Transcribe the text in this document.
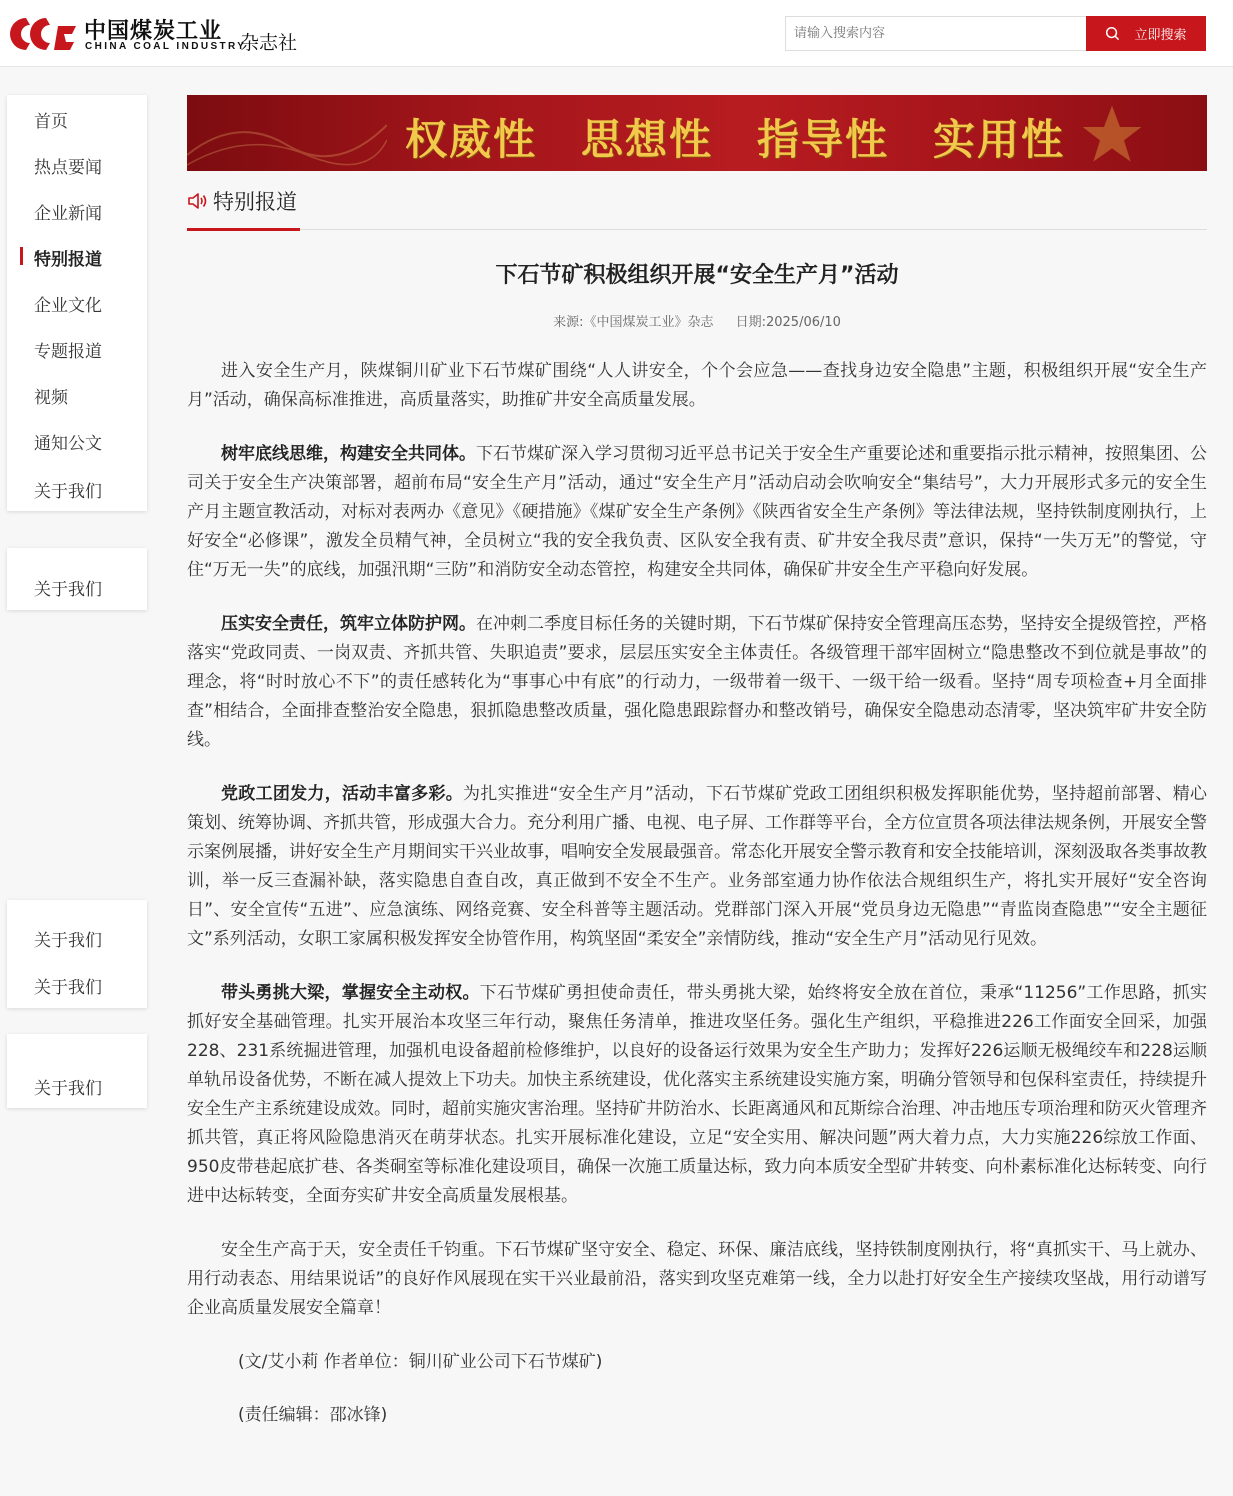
中国煤炭工业
CHINA COAL INDUSTRY
杂志社
请输入搜索内容	立即搜索
首页
热点要闻
企业新闻
特别报道
企业文化
专题报道
视频
通知公文
关于我们
关于我们
关于我们
关于我们
关于我们
权威性　思想性　指导性　实用性
特别报道
下石节矿积极组织开展“安全生产月”活动
来源:《中国煤炭工业》杂志 日期:2025/06/10

进入安全生产月，陕煤铜川矿业下石节煤矿围绕“人人讲安全，个个会应急——查找身边安全隐患”主题，积极组织开展“安全生产月”活动，确保高标准推进，高质量落实，助推矿井安全高质量发展。

树牢底线思维，构建安全共同体。下石节煤矿深入学习贯彻习近平总书记关于安全生产重要论述和重要指示批示精神，按照集团、公司关于安全生产决策部署，超前布局“安全生产月”活动，通过“安全生产月”活动启动会吹响安全“集结号”，大力开展形式多元的安全生产月主题宣教活动，对标对表两办《意见》《硬措施》《煤矿安全生产条例》《陕西省安全生产条例》等法律法规，坚持铁制度刚执行，上好安全“必修课”，激发全员精气神，全员树立“我的安全我负责、区队安全我有责、矿井安全我尽责”意识，保持“一失万无”的警觉，守住“万无一失”的底线，加强汛期“三防”和消防安全动态管控，构建安全共同体，确保矿井安全生产平稳向好发展。

压实安全责任，筑牢立体防护网。在冲刺二季度目标任务的关键时期，下石节煤矿保持安全管理高压态势，坚持安全提级管控，严格落实“党政同责、一岗双责、齐抓共管、失职追责”要求，层层压实安全主体责任。各级管理干部牢固树立“隐患整改不到位就是事故”的理念，将“时时放心不下”的责任感转化为“事事心中有底”的行动力，一级带着一级干、一级干给一级看。坚持“周专项检查+月全面排查”相结合，全面排查整治安全隐患，狠抓隐患整改质量，强化隐患跟踪督办和整改销号，确保安全隐患动态清零，坚决筑牢矿井安全防线。

党政工团发力，活动丰富多彩。为扎实推进“安全生产月”活动，下石节煤矿党政工团组织积极发挥职能优势，坚持超前部署、精心策划、统筹协调、齐抓共管，形成强大合力。充分利用广播、电视、电子屏、工作群等平台，全方位宣贯各项法律法规条例，开展安全警示案例展播，讲好安全生产月期间实干兴业故事，唱响安全发展最强音。常态化开展安全警示教育和安全技能培训，深刻汲取各类事故教训，举一反三查漏补缺，落实隐患自查自改，真正做到不安全不生产。业务部室通力协作依法合规组织生产，将扎实开展好“安全咨询日”、安全宣传“五进”、应急演练、网络竞赛、安全科普等主题活动。党群部门深入开展“党员身边无隐患”“青监岗查隐患”“安全主题征文”系列活动，女职工家属积极发挥安全协管作用，构筑坚固“柔安全”亲情防线，推动“安全生产月”活动见行见效。

带头勇挑大梁，掌握安全主动权。下石节煤矿勇担使命责任，带头勇挑大梁，始终将安全放在首位，秉承“11256”工作思路，抓实抓好安全基础管理。扎实开展治本攻坚三年行动，聚焦任务清单，推进攻坚任务。强化生产组织，平稳推进226工作面安全回采，加强228、231系统掘进管理，加强机电设备超前检修维护，以良好的设备运行效果为安全生产助力；发挥好226运顺无极绳绞车和228运顺单轨吊设备优势，不断在减人提效上下功夫。加快主系统建设，优化落实主系统建设实施方案，明确分管领导和包保科室责任，持续提升安全生产主系统建设成效。同时，超前实施灾害治理。坚持矿井防治水、长距离通风和瓦斯综合治理、冲击地压专项治理和防灭火管理齐抓共管，真正将风险隐患消灭在萌芽状态。扎实开展标准化建设，立足“安全实用、解决问题”两大着力点，大力实施226综放工作面、950皮带巷起底扩巷、各类硐室等标准化建设项目，确保一次施工质量达标，致力向本质安全型矿井转变、向朴素标准化达标转变、向行进中达标转变，全面夯实矿井安全高质量发展根基。

安全生产高于天，安全责任千钧重。下石节煤矿坚守安全、稳定、环保、廉洁底线，坚持铁制度刚执行，将“真抓实干、马上就办、用行动表态、用结果说话”的良好作风展现在实干兴业最前沿，落实到攻坚克难第一线，全力以赴打好安全生产接续攻坚战，用行动谱写企业高质量发展安全篇章！

(文/艾小莉 作者单位：铜川矿业公司下石节煤矿)

(责任编辑：邵冰锋)
